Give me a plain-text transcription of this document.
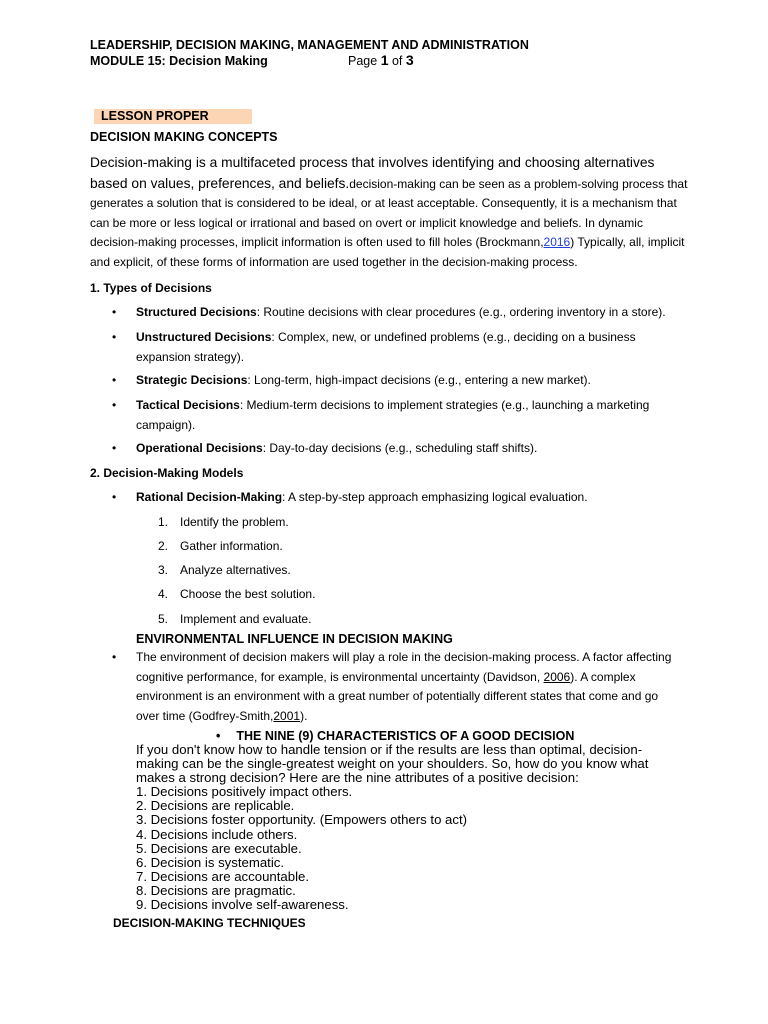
LEADERSHIP, DECISION MAKING, MANAGEMENT AND ADMINISTRATION
MODULE 15: Decision Making	Page 1 of 3
LESSON PROPER
DECISION MAKING CONCEPTS
Decision-making is a multifaceted process that involves identifying and choosing alternatives based on values, preferences, and beliefs.decision-making can be seen as a problem-solving process that generates a solution that is considered to be ideal, or at least acceptable. Consequently, it is a mechanism that can be more or less logical or irrational and based on overt or implicit knowledge and beliefs. In dynamic decision-making processes, implicit information is often used to fill holes (Brockmann,2016) Typically, all, implicit and explicit, of these forms of information are used together in the decision-making process.
1. Types of Decisions
• Structured Decisions: Routine decisions with clear procedures (e.g., ordering inventory in a store).
• Unstructured Decisions: Complex, new, or undefined problems (e.g., deciding on a business expansion strategy).
• Strategic Decisions: Long-term, high-impact decisions (e.g., entering a new market).
• Tactical Decisions: Medium-term decisions to implement strategies (e.g., launching a marketing campaign).
• Operational Decisions: Day-to-day decisions (e.g., scheduling staff shifts).
2. Decision-Making Models
• Rational Decision-Making: A step-by-step approach emphasizing logical evaluation.
1. Identify the problem.
2. Gather information.
3. Analyze alternatives.
4. Choose the best solution.
5. Implement and evaluate.
ENVIRONMENTAL INFLUENCE IN DECISION MAKING
• The environment of decision makers will play a role in the decision-making process. A factor affecting cognitive performance, for example, is environmental uncertainty (Davidson, 2006). A complex environment is an environment with a great number of potentially different states that come and go over time (Godfrey-Smith,2001).
• THE NINE (9) CHARACTERISTICS OF A GOOD DECISION
If you don't know how to handle tension or if the results are less than optimal, decision-making can be the single-greatest weight on your shoulders. So, how do you know what makes a strong decision? Here are the nine attributes of a positive decision:
1. Decisions positively impact others.
2. Decisions are replicable.
3. Decisions foster opportunity. (Empowers others to act)
4. Decisions include others.
5. Decisions are executable.
6. Decision is systematic.
7. Decisions are accountable.
8. Decisions are pragmatic.
9. Decisions involve self-awareness.
DECISION-MAKING TECHNIQUES
